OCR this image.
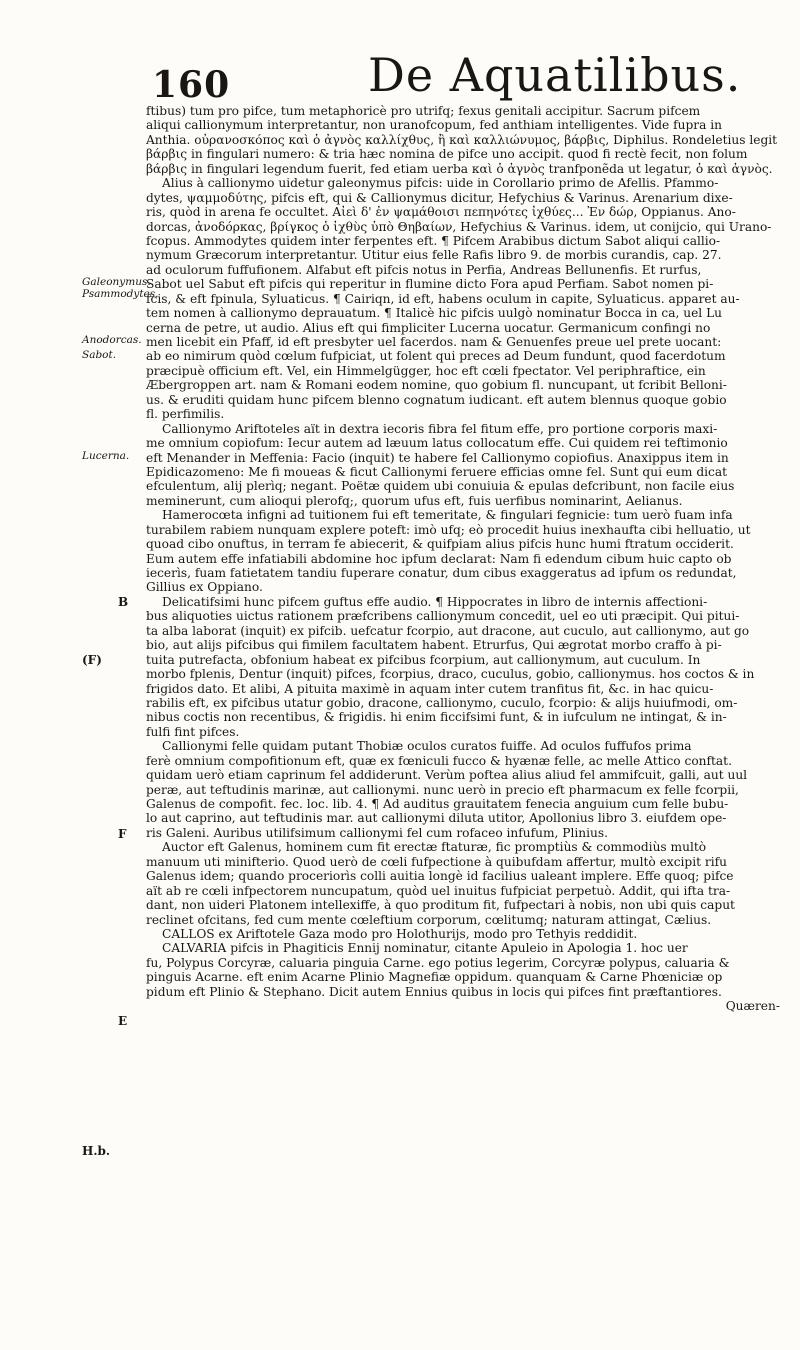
160	De Aquatilibus.
Galeonymus. Psammodytes.
Anodorcas.
Sabot.
Lucerna.
B
(F)
F
E
H.b.
ftibus) tum pro pifce, tum metaphoricè pro utrifq; fexus genitali accipitur. Sacrum pifcem
aliqui callionymum interpretantur, non uranofcopum, fed anthiam intelligentes. Vide fupra in
Anthia. οὐρανοσκόπος καὶ ὁ ἀγνὸς καλλίχθυς, ἢ καὶ καλλιώνυμος, βάρβις, Diphilus. Rondeletius legit
βάρβις in fingulari numero: & tria hæc nomina de pifce uno accipit. quod fi rectè fecit, non folum
βάρβις in fingulari legendum fuerit, fed etiam uerba καὶ ὁ ἀγνὸς tranfponẽda ut legatur, ὁ καὶ ἀγνὸς.
Alius à callionymo uidetur galeonymus pifcis: uide in Corollario primo de Afellis. Pfammo-
dytes, ψαμμοδύτης, pifcis eft, qui & Callionymus dicitur, Hefychius & Varinus. Arenarium dixe-
ris, quòd in arena fe occultet. Αἰεὶ δ' ἐν ψαμάθοισι πεπηνότες ἰχθύες... Ἐν δώρ, Oppianus. Ano-
dorcas, ἀνοδόρκας, βρίγκος ὁ ἰχθὺς ὑπὸ Θηβαίων, Hefychius & Varinus. idem, ut conijcio, qui Urano-
fcopus. Ammodytes quidem inter ferpentes eft. ¶ Pifcem Arabibus dictum Sabot aliqui callio-
nymum Græcorum interpretantur. Utitur eius felle Rafis libro 9. de morbis curandis, cap. 27.
ad oculorum fuffufionem. Alfabut eft pifcis notus in Perfia, Andreas Bellunenfis. Et rurfus,
Sabot uel Sabut eft pifcis qui reperitur in flumine dicto Fora apud Perfiam. Sabot nomen pi-
fcis, & eft fpinula, Syluaticus. ¶ Cairiqn, id eft, habens oculum in capite, Syluaticus. apparet au-
tem nomen à callionymo deprauatum. ¶ Italicè hic pifcis uulgò nominatur Bocca in ca, uel Lu
cerna de petre, ut audio. Alius eft qui fimpliciter Lucerna uocatur. Germanicum confingi no
men licebit ein Pfaff, id eft presbyter uel facerdos. nam & Genuenfes preue uel prete uocant:
ab eo nimirum quòd cœlum fufpiciat, ut folent qui preces ad Deum fundunt, quod facerdotum
præcipuè officium eft. Vel, ein Himmelgügger, hoc eft cœli fpectator. Vel periphraftice, ein
Æbergroppen art. nam & Romani eodem nomine, quo gobium fl. nuncupant, ut fcribit Belloni-
us. & eruditi quidam hunc pifcem blenno cognatum iudicant. eft autem blennus quoque gobio
fl. perfimilis.
Callionymo Ariftoteles aït in dextra iecoris fibra fel fitum effe, pro portione corporis maxi-
me omnium copiofum: Iecur autem ad læuum latus collocatum effe. Cui quidem rei teftimonio
eft Menander in Meffenia: Facio (inquit) te habere fel Callionymo copiofius. Anaxippus item in
Epidicazomeno: Me fi moueas & ficut Callionymi feruere efficias omne fel. Sunt qui eum dicat
efculentum, alij plerìq; negant. Poëtæ quidem ubi conuiuia & epulas defcribunt, non facile eius
meminerunt, cum alioqui plerofq;, quorum ufus eft, fuis uerfibus nominarint, Aelianus.
Hamerocœta infigni ad tuitionem fui eft temeritate, & fingulari fegnicie: tum uerò fuam infa
turabilem rabiem nunquam explere poteft: imò ufq; eò procedit huius inexhaufta cibi helluatio, ut
quoad cibo onuftus, in terram fe abiecerit, & quifpiam alius pifcis hunc humi ftratum occiderit.
Eum autem effe infatiabili abdomine hoc ipfum declarat: Nam fi edendum cibum huic capto ob
iecerìs, fuam fatietatem tandiu fuperare conatur, dum cibus exaggeratus ad ipfum os redundat,
Gillius ex Oppiano.
Delicatifsimi hunc pifcem guftus effe audio. ¶ Hippocrates in libro de internis affectioni-
bus aliquoties uictus rationem præfcribens callionymum concedit, uel eo uti præcipit. Qui pitui-
ta alba laborat (inquit) ex pifcib. uefcatur fcorpio, aut dracone, aut cuculo, aut callionymo, aut go
bio, aut alijs pifcibus qui fimilem facultatem habent. Etrurfus, Qui ægrotat morbo craffo à pi-
tuita putrefacta, obfonium habeat ex pifcibus fcorpium, aut callionymum, aut cuculum. In
morbo fplenis, Dentur (inquit) pifces, fcorpius, draco, cuculus, gobio, callionymus. hos coctos & in
frigidos dato. Et alibi, A pituita maximè in aquam inter cutem tranfitus fit, &c. in hac quicu-
rabilis eft, ex pifcibus utatur gobio, dracone, callionymo, cuculo, fcorpio: & alijs huiufmodi, om-
nibus coctis non recentibus, & frigidis. hi enim ficcifsimi funt, & in iufculum ne intingat, & in-
fulfi fint pifces.
Callionymi felle quidam putant Thobiæ oculos curatos fuiffe. Ad oculos fuffufos prima
ferè omnium compofitionum eft, quæ ex fœniculi fucco & hyænæ felle, ac melle Attico conftat.
quidam uerò etiam caprinum fel addiderunt. Verùm poftea alius aliud fel ammifcuit, galli, aut uul
peræ, aut teftudinis marinæ, aut callionymi. nunc uerò in precio eft pharmacum ex felle fcorpii,
Galenus de compofit. fec. loc. lib. 4. ¶ Ad auditus grauitatem fenecia anguium cum felle bubu-
lo aut caprino, aut teftudinis mar. aut callionymi diluta utitor, Apollonius libro 3. eiufdem ope-
ris Galeni. Auribus utilifsimum callionymi fel cum rofaceo infufum, Plinius.
Auctor eft Galenus, hominem cum fit erectæ ftaturæ, fic promptiùs & commodiùs multò
manuum uti minifterio. Quod uerò de cœli fufpectione à quibufdam affertur, multò excipit rifu
Galenus idem; quando proceriorìs colli auitia longè id facilius ualeant implere. Effe quoq; pifce
aït ab re cœli infpectorem nuncupatum, quòd uel inuitus fufpiciat perpetuò. Addit, qui ifta tra-
dant, non uideri Platonem intellexiffe, à quo proditum fit, fufpectari à nobis, non ubi quis caput
reclinet ofcitans, fed cum mente cœleftium corporum, cœlitumq; naturam attingat, Cælius.
CALLOS ex Ariftotele Gaza modo pro Holothurijs, modo pro Tethyis reddidit.
CALVARIA pifcis in Phagiticis Ennij nominatur, citante Apuleio in Apologia 1. hoc uer
fu, Polypus Corcyræ, caluaria pinguia Carne. ego potius legerim, Corcyræ polypus, caluaria &
pinguis Acarne. eft enim Acarne Plinio Magnefiæ oppidum. quanquam & Carne Phœniciæ op
pidum eft Plinio & Stephano. Dicit autem Ennius quibus in locis qui pifces fint præftantiores.
Quæren-
